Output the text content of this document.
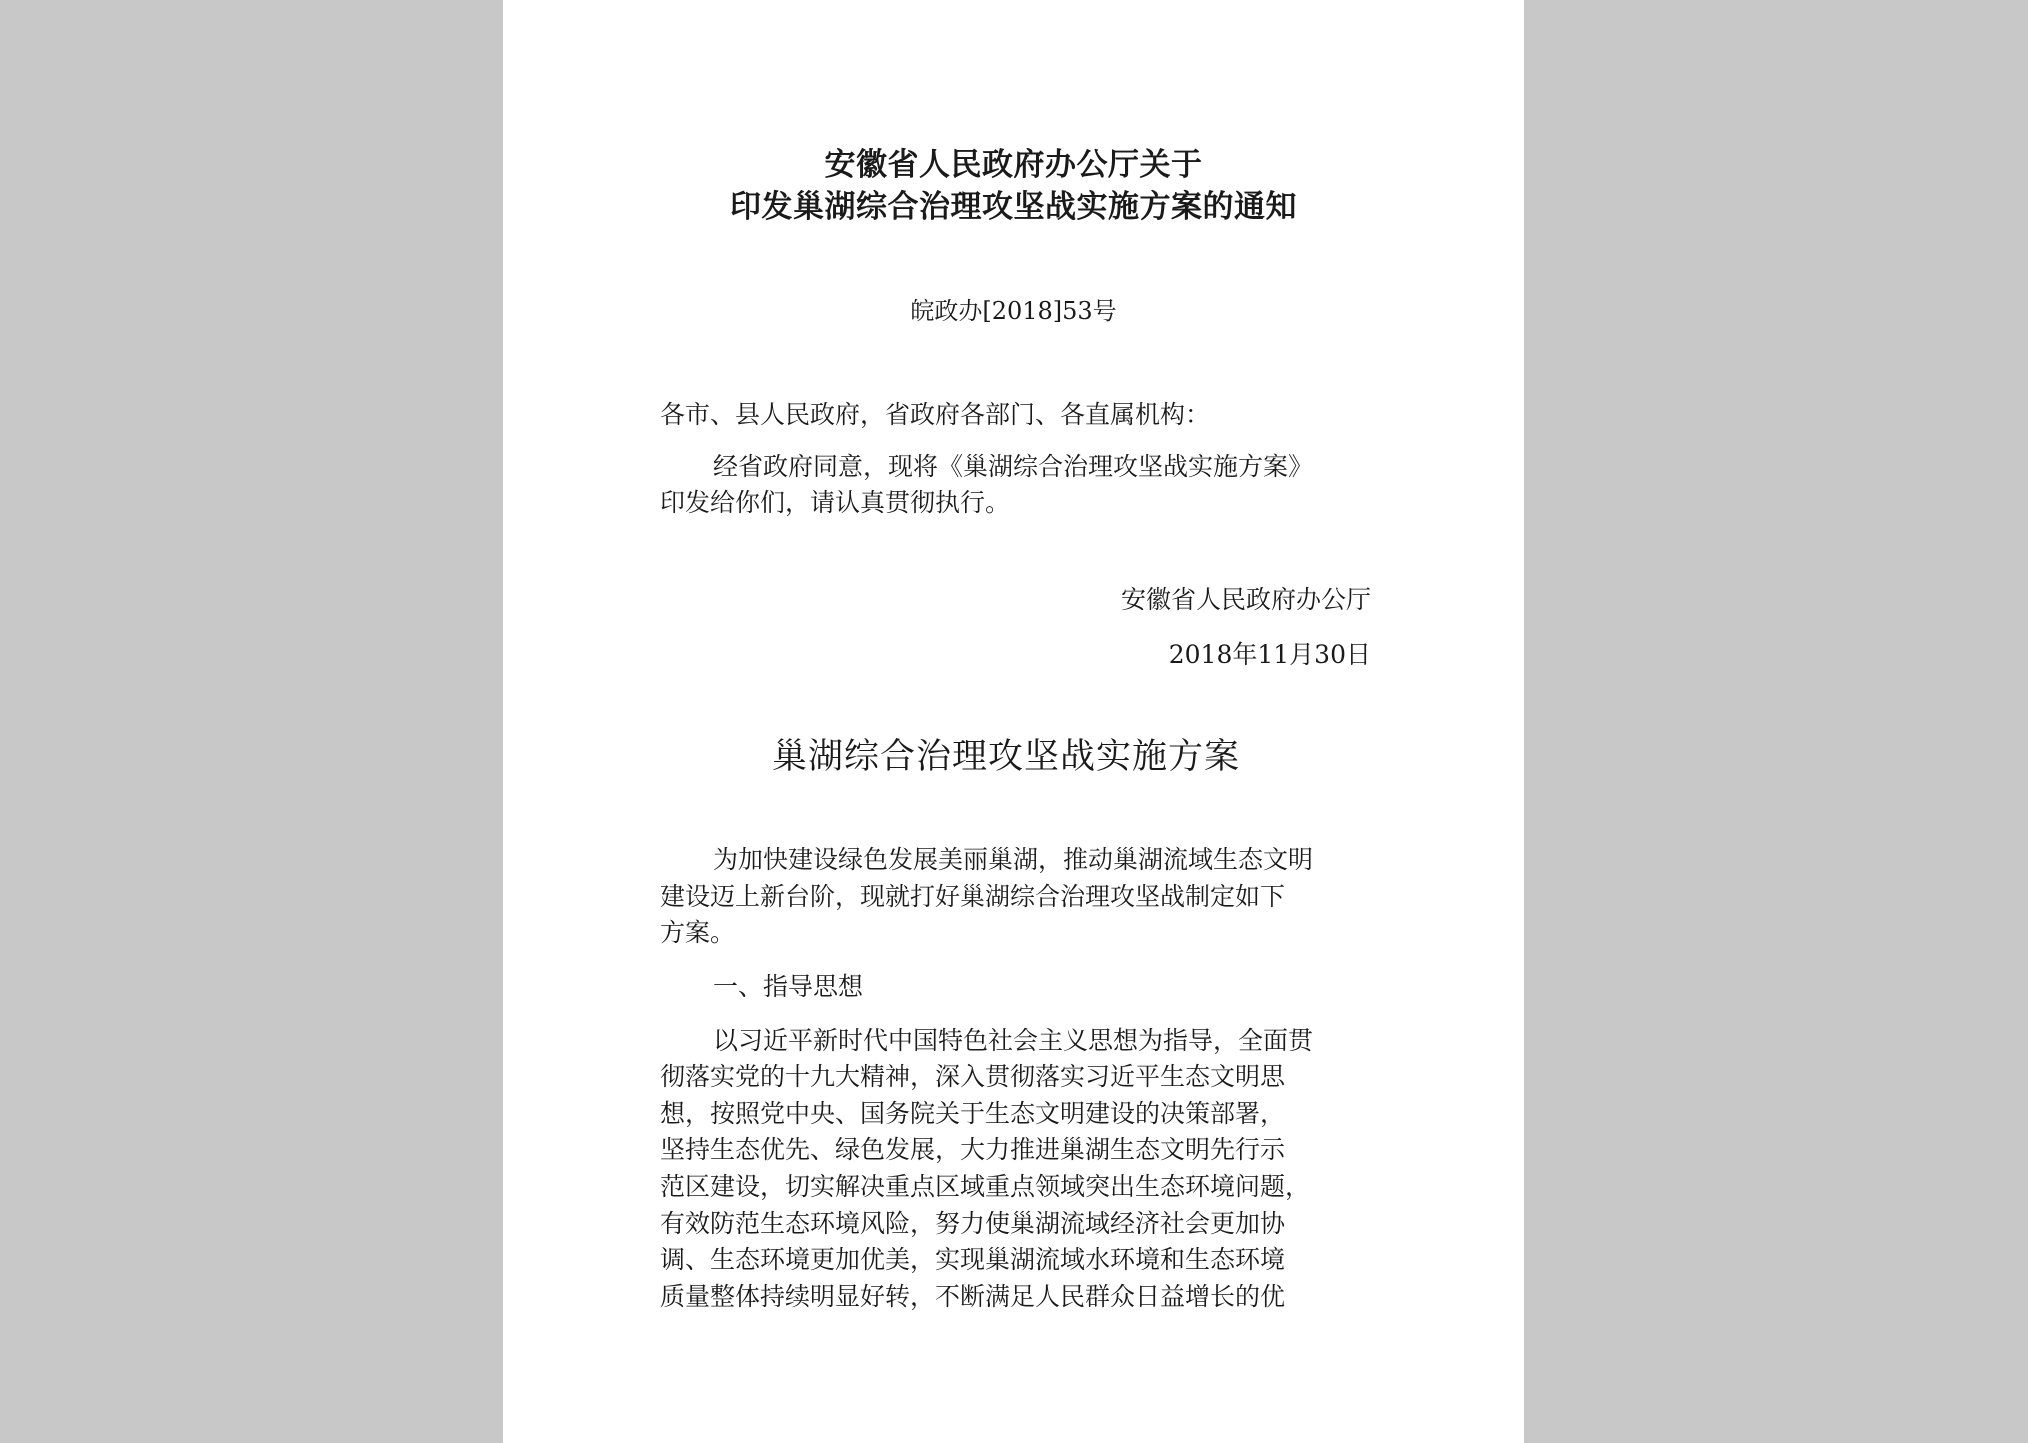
安徽省人民政府办公厅关于
印发巢湖综合治理攻坚战实施方案的通知
皖政办[2018]53号
各市、县人民政府，省政府各部门、各直属机构：
经省政府同意，现将《巢湖综合治理攻坚战实施方案》
印发给你们，请认真贯彻执行。
安徽省人民政府办公厅
2018年11月30日
巢湖综合治理攻坚战实施方案
为加快建设绿色发展美丽巢湖，推动巢湖流域生态文明
建设迈上新台阶，现就打好巢湖综合治理攻坚战制定如下
方案。
一、指导思想
以习近平新时代中国特色社会主义思想为指导，全面贯
彻落实党的十九大精神，深入贯彻落实习近平生态文明思
想，按照党中央、国务院关于生态文明建设的决策部署，
坚持生态优先、绿色发展，大力推进巢湖生态文明先行示
范区建设，切实解决重点区域重点领域突出生态环境问题，
有效防范生态环境风险，努力使巢湖流域经济社会更加协
调、生态环境更加优美，实现巢湖流域水环境和生态环境
质量整体持续明显好转，不断满足人民群众日益增长的优
